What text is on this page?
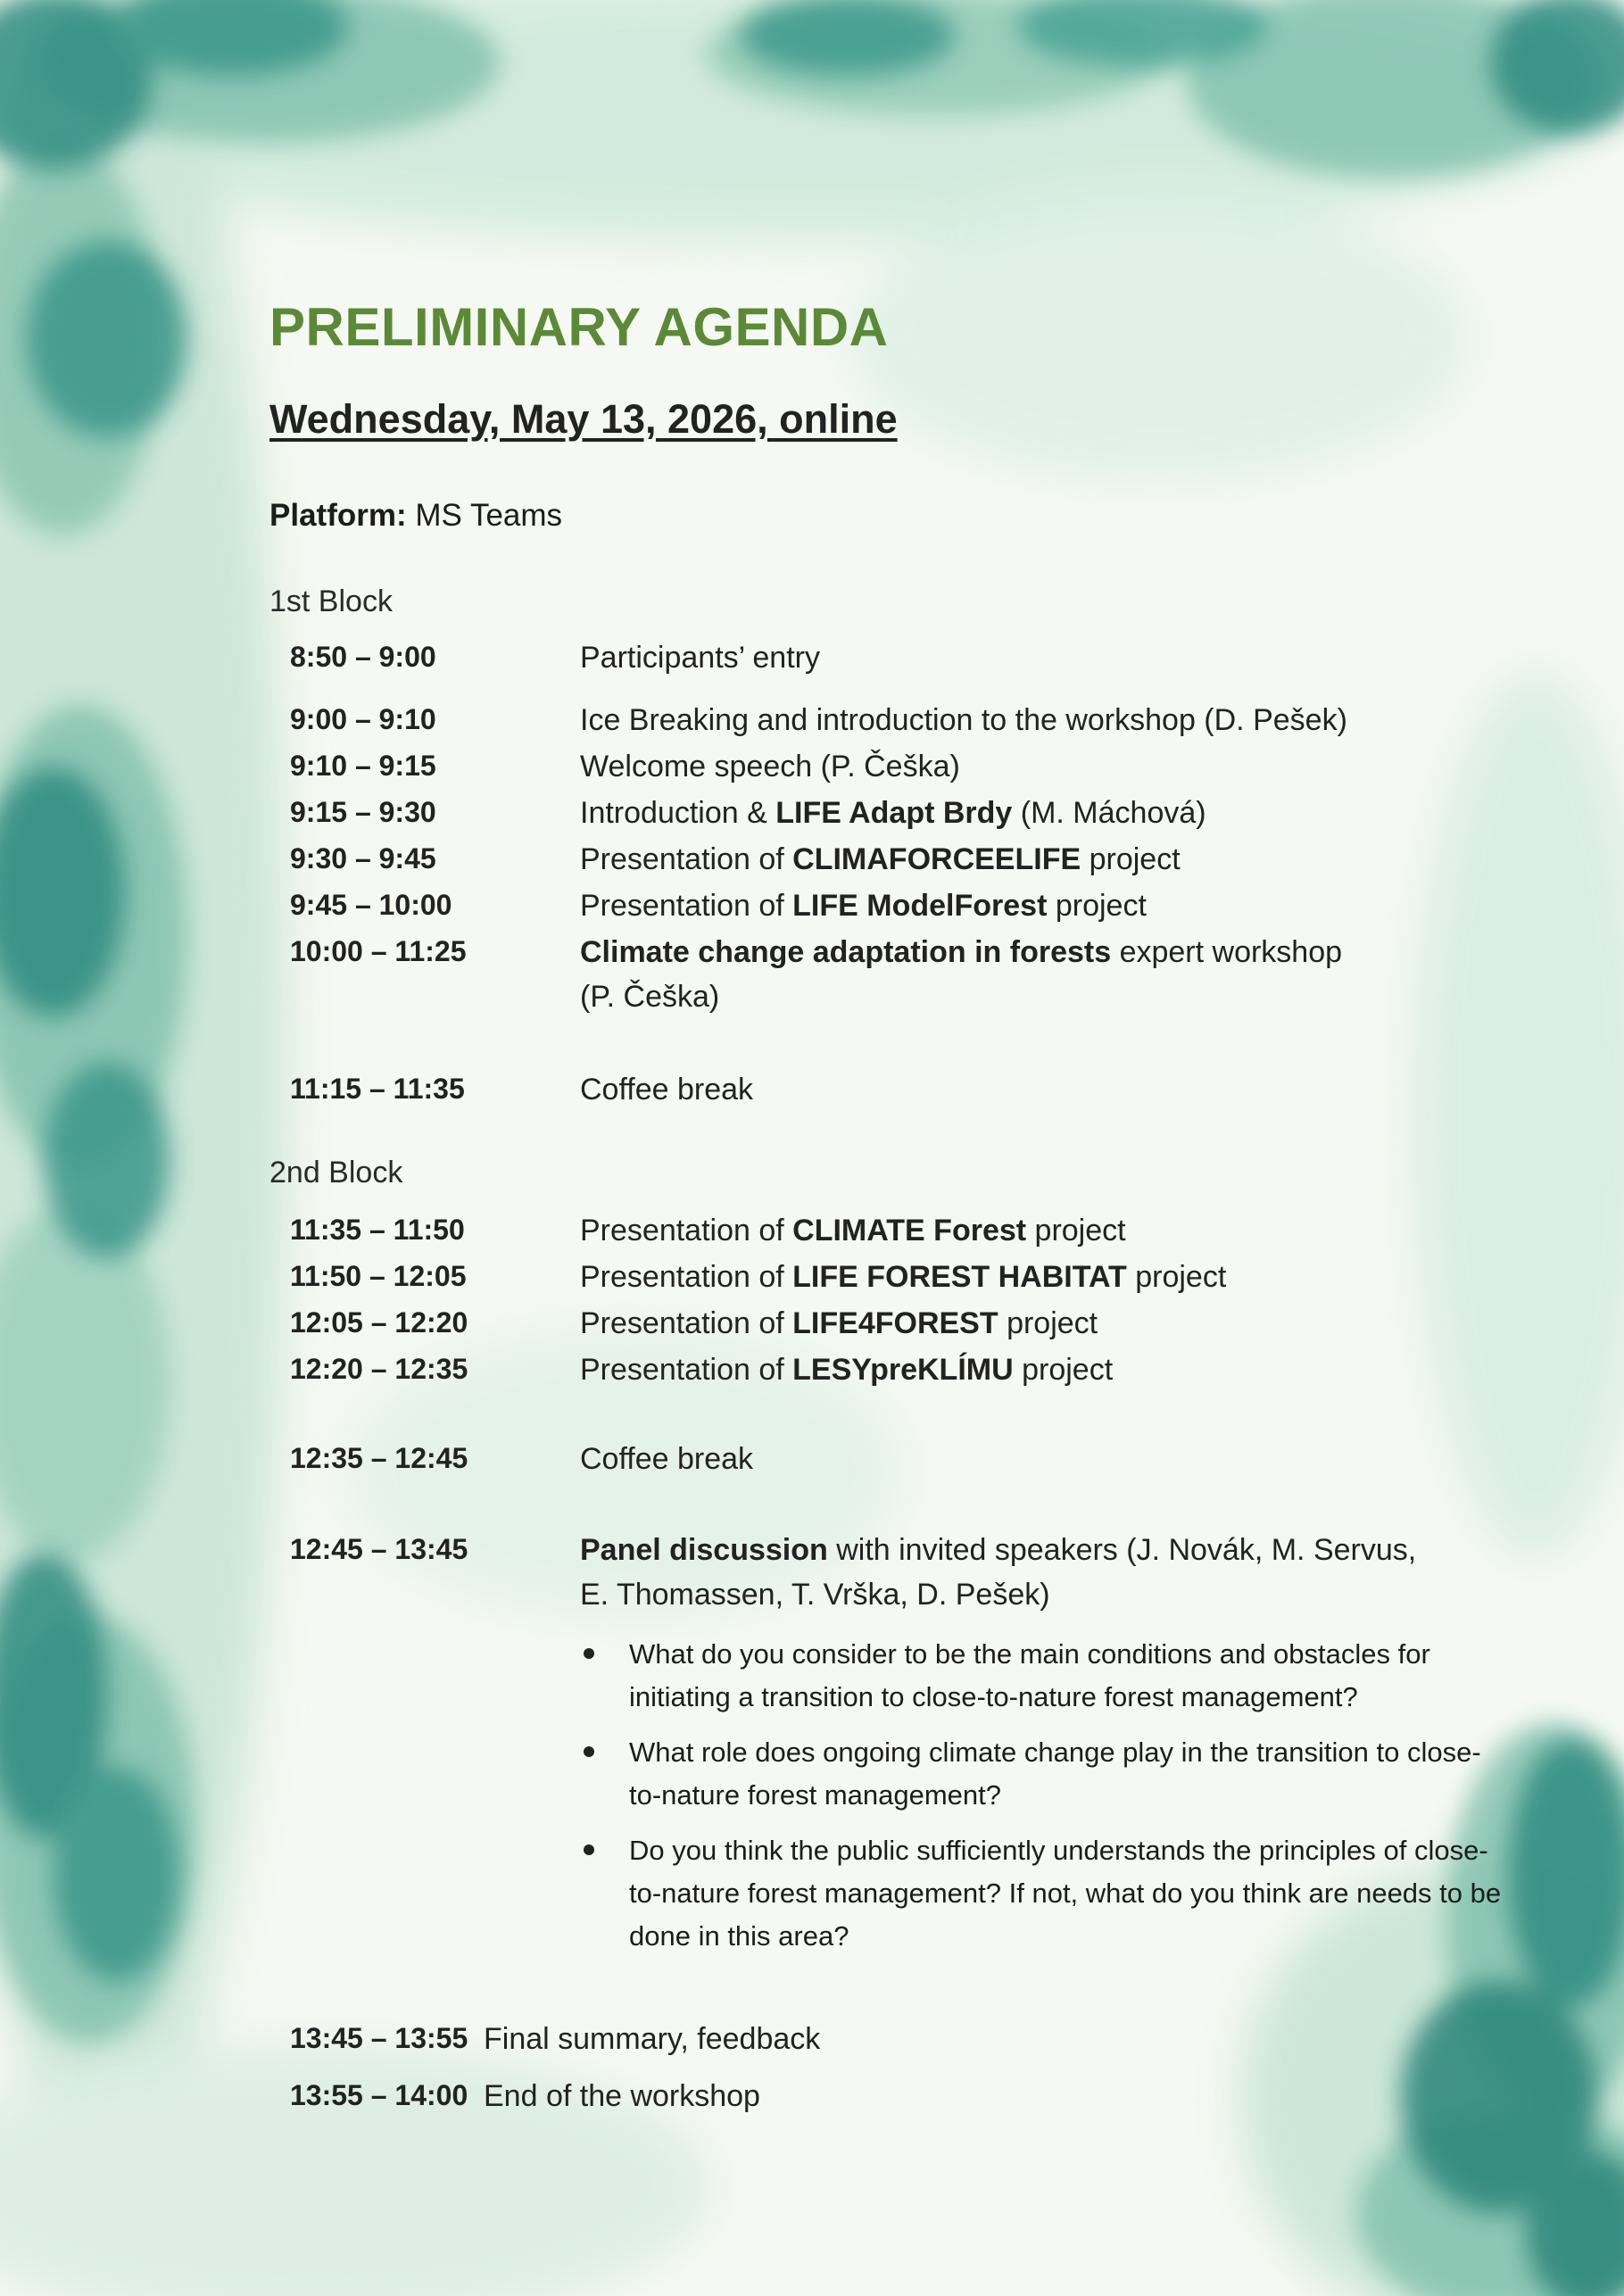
PRELIMINARY AGENDA
Wednesday, May 13, 2026, online
Platform: MS Teams
1st Block
8:50 – 9:00	Participants’ entry
9:00 – 9:10	Ice Breaking and introduction to the workshop (D. Pešek)
9:10 – 9:15	Welcome speech (P. Češka)
9:15 – 9:30	Introduction & LIFE Adapt Brdy (M. Máchová)
9:30 – 9:45	Presentation of CLIMAFORCEELIFE project
9:45 – 10:00	Presentation of LIFE ModelForest project
10:00 – 11:25	Climate change adaptation in forests expert workshop
(P. Češka)
11:15 – 11:35	Coffee break
2nd Block
11:35 – 11:50	Presentation of CLIMATE Forest project
11:50 – 12:05	Presentation of LIFE FOREST HABITAT project
12:05 – 12:20	Presentation of LIFE4FOREST project
12:20 – 12:35	Presentation of LESYpreKLÍMU project
12:35 – 12:45	Coffee break
12:45 – 13:45	Panel discussion with invited speakers (J. Novák, M. Servus,
E. Thomassen, T. Vrška, D. Pešek)
What do you consider to be the main conditions and obstacles for initiating a transition to close-to-nature forest management?
What role does ongoing climate change play in the transition to close-to-nature forest management?
Do you think the public sufficiently understands the principles of close-to-nature forest management? If not, what do you think are needs to be done in this area?
13:45 – 13:55 Final summary, feedback
13:55 – 14:00 End of the workshop
